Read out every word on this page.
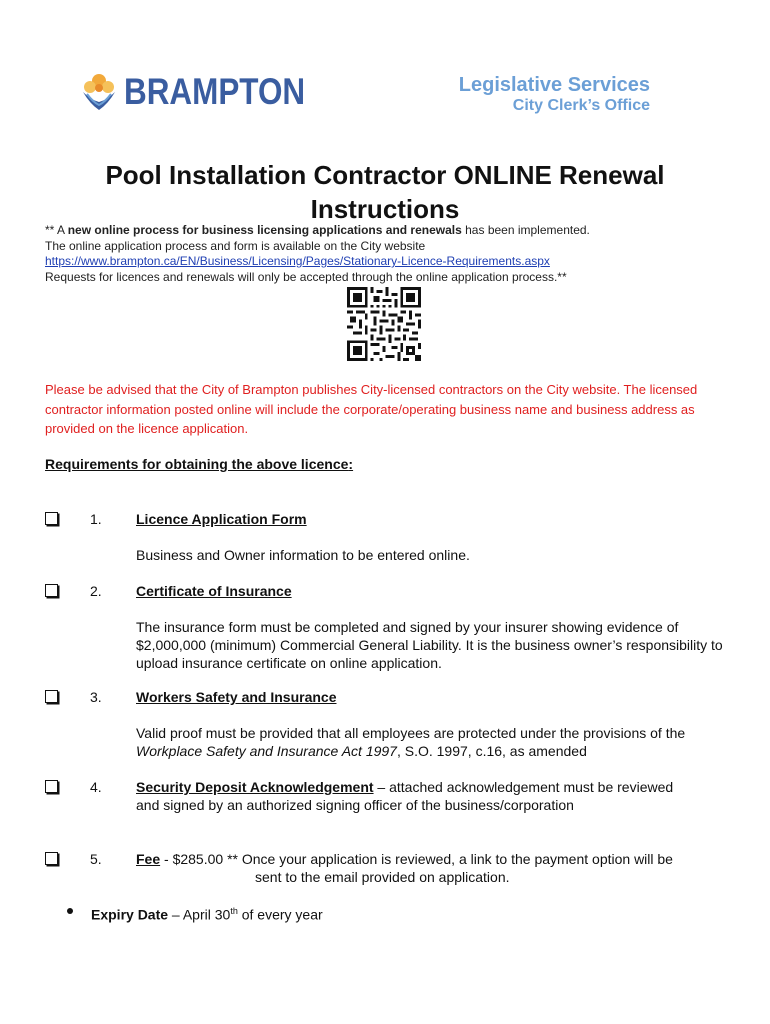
BRAMPTON	Legislative Services
City Clerk’s Office
Pool Installation Contractor ONLINE Renewal
Instructions
** A new online process for business licensing applications and renewals has been implemented.
The online application process and form is available on the City website
https://www.brampton.ca/EN/Business/Licensing/Pages/Stationary-Licence-Requirements.aspx
Requests for licences and renewals will only be accepted through the online application process.**
Please be advised that the City of Brampton publishes City-licensed contractors on the City website. The licensed contractor information posted online will include the corporate/operating business name and business address as provided on the licence application.
Requirements for obtaining the above licence:
1. Licence Application Form
Business and Owner information to be entered online.
2. Certificate of Insurance
The insurance form must be completed and signed by your insurer showing evidence of $2,000,000 (minimum) Commercial General Liability. It is the business owner’s responsibility to upload insurance certificate on online application.
3. Workers Safety and Insurance
Valid proof must be provided that all employees are protected under the provisions of the Workplace Safety and Insurance Act 1997, S.O. 1997, c.16, as amended
4. Security Deposit Acknowledgement – attached acknowledgement must be reviewed
and signed by an authorized signing officer of the business/corporation
5. Fee - $285.00 ** Once your application is reviewed, a link to the payment option will be
sent to the email provided on application.
Expiry Date – April 30th of every year
